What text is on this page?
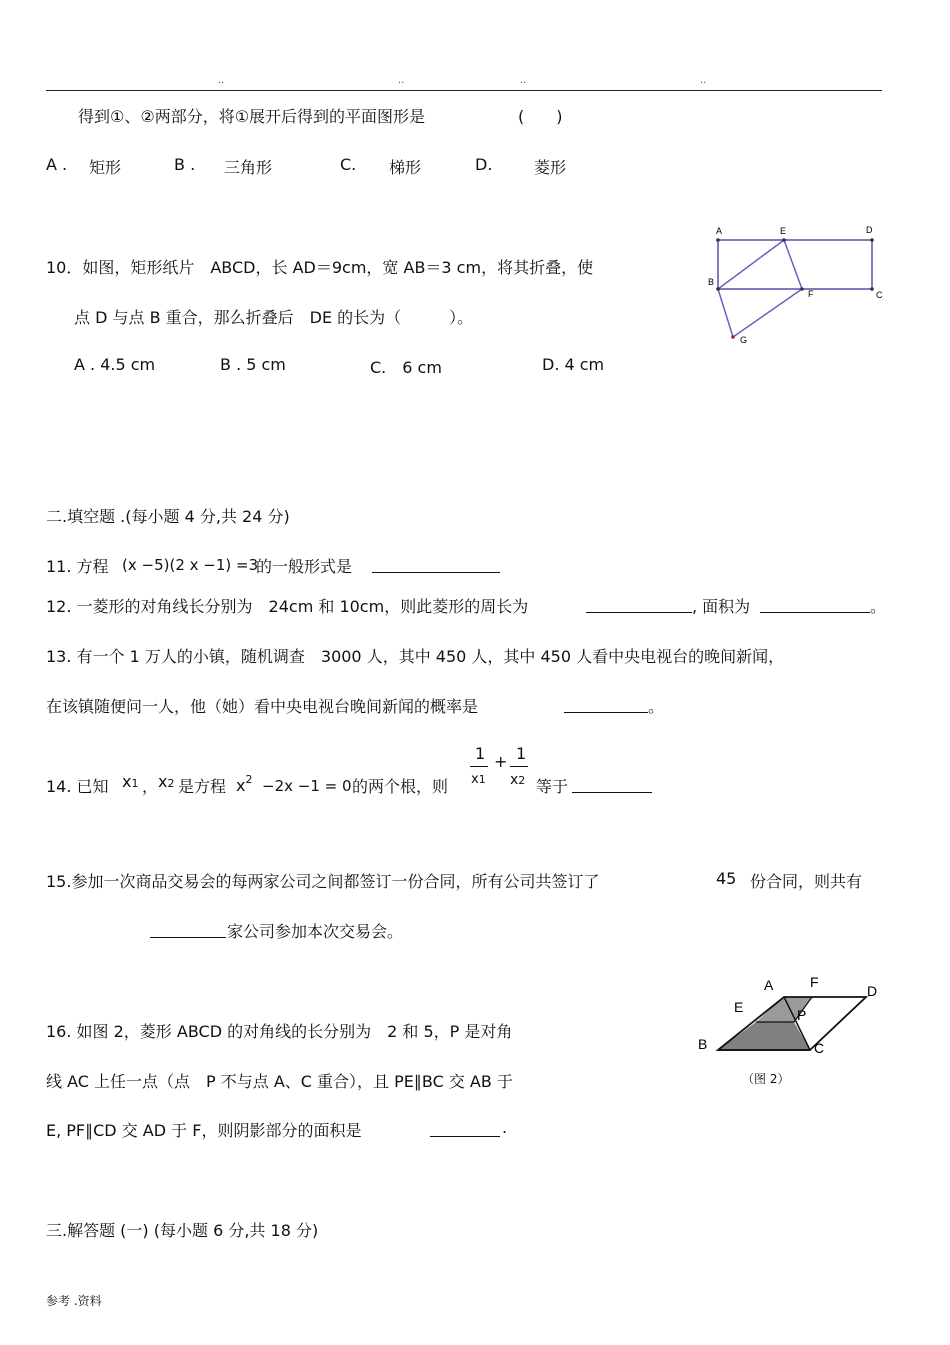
..	..	..	..
得到①、②两部分，将①展开后得到的平面图形是	(　　)
A . 矩形	B . 三角形	C. 梯形	D.	菱形
10．如图，矩形纸片　ABCD，长 AD＝9cm，宽 AB＝3 cm，将其折叠，使
点 D 与点 B 重合，那么折叠后　DE 的长为（　　　）。
A . 4.5 cm	B . 5 cm	C.　6 cm	D. 4 cm
A	E	D
B
F	C
G
二.填空题 .(每小题 4 分,共 24 分)
11. 方程 (x −5)(2 x −1) =3
的一般形式是
12. 一菱形的对角线长分别为　24cm 和 10cm，则此菱形的周长为	, 面积为	。
13. 有一个 1 万人的小镇，随机调查　3000 人，其中 450 人，其中 450 人看中央电视台的晚间新闻，
在该镇随便问一人，他（她）看中央电视台晚间新闻的概率是	。
14. 已知 x1 ， x2 是方程 $x^2 -2x -1 = 0$ 的两个根，则
1
x1
+ 1
x2 等于
15.参加一次商品交易会的每两家公司之间都签订一份合同，所有公司共签订了	45 份合同，则共有
家公司参加本次交易会。
16. 如图 2，菱形 ABCD 的对角线的长分别为　2 和 5，P 是对角
线 AC 上任一点（点　P 不与点 A、C 重合），且 PE∥BC 交 AB 于
E, PF∥CD 交 AD 于 F，则阴影部分的面积是	.
A	F
D
E	P
B	C
（图 2）
三.解答题 (一) (每小题 6 分,共 18 分)
参考 .资料
